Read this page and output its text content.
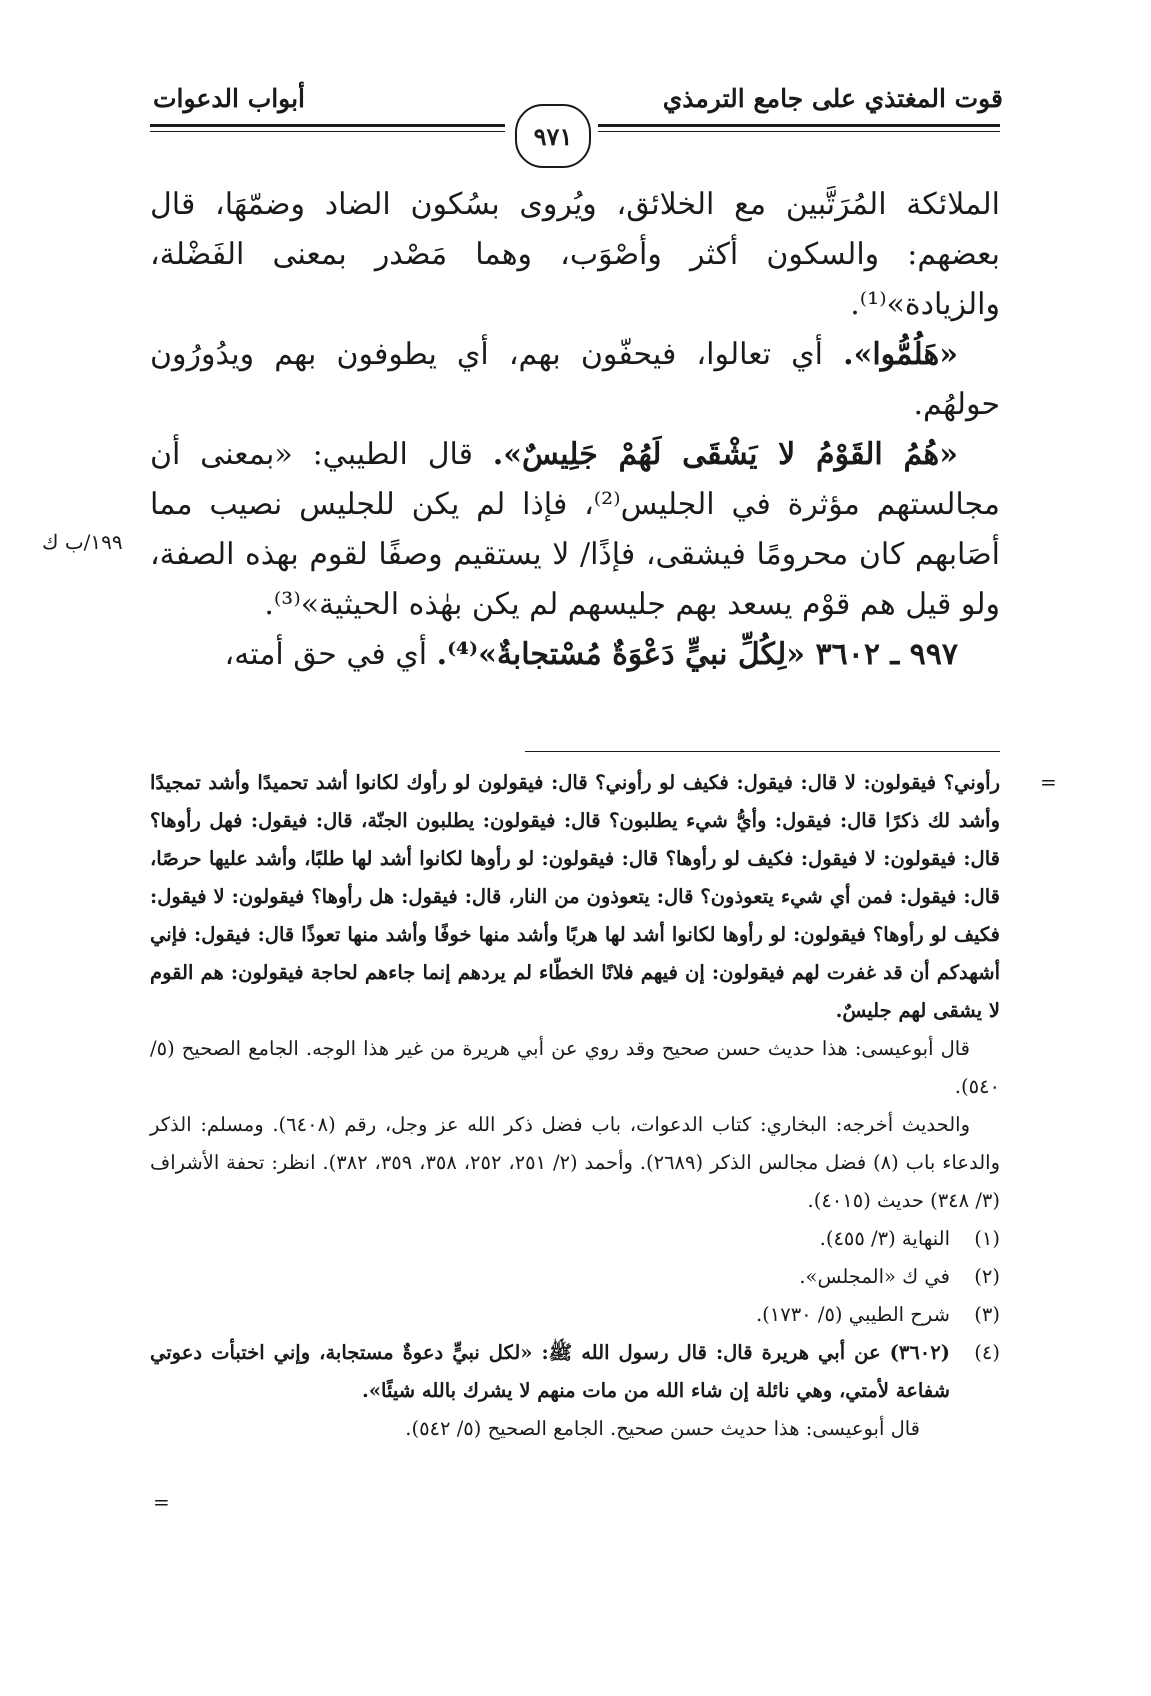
قوت المغتذي على جامع الترمذي
أبواب الدعوات
٩٧١

الملائكة المُرَتَّبين مع الخلائق، ويُروى بسُكون الضاد وضمّهَا، قال بعضهم: والسكون أكثر وأصْوَب، وهما مَصْدر بمعنى الفَضْلة، والزيادة»⁽¹⁾.

«هَلُمُّوا». أي تعالوا، فيحفّون بهم، أي يطوفون بهم ويدُورُون حولهُم.

«هُمُ القَوْمُ لا يَشْقَى لَهُمْ جَلِيسٌ». قال الطيبي: «بمعنى أن مجالستهم مؤثرة في الجليس⁽²⁾، فإذا لم يكن للجليس نصيب مما أصَابهم كان محرومًا فيشقى، فإذًا/ لا يستقيم وصفًا لقوم بهذه الصفة، ولو قيل هم قوْم يسعد بهم جليسهم لم يكن بهٰذه الحيثية»⁽³⁾.

٩٩٧ ـ ٣٦٠٢ «لِكُلِّ نبيٍّ دَعْوَةٌ مُسْتجابةٌ»⁽⁴⁾. أي في حق أمته،

١٩٩/ب ك
=

رأوني؟ فيقولون: لا قال: فيقول: فكيف لو رأوني؟ قال: فيقولون لو رأوك لكانوا أشد تحميدًا وأشد تمجيدًا وأشد لك ذكرًا قال: فيقول: وأيُّ شيء يطلبون؟ قال: فيقولون: يطلبون الجنّة، قال: فيقول: فهل رأوها؟ قال: فيقولون: لا فيقول: فكيف لو رأوها؟ قال: فيقولون: لو رأوها لكانوا أشد لها طلبًا، وأشد عليها حرصًا، قال: فيقول: فمن أي شيء يتعوذون؟ قال: يتعوذون من النار، قال: فيقول: هل رأوها؟ فيقولون: لا فيقول: فكيف لو رأوها؟ فيقولون: لو رأوها لكانوا أشد لها هربًا وأشد منها خوفًا وأشد منها تعوذًا قال: فيقول: فإني أشهدكم أن قد غفرت لهم فيقولون: إن فيهم فلانًا الخطّاء لم يردهم إنما جاءهم لحاجة فيقولون: هم القوم لا يشقى لهم جليسٌ.

قال أبوعيسى: هذا حديث حسن صحيح وقد روي عن أبي هريرة من غير هذا الوجه. الجامع الصحيح (٥/ ٥٤٠).

والحديث أخرجه: البخاري: كتاب الدعوات، باب فضل ذكر الله عز وجل، رقم (٦٤٠٨). ومسلم: الذكر والدعاء باب (٨) فضل مجالس الذكر (٢٦٨٩). وأحمد (٢/ ٢٥١، ٢٥٢، ٣٥٨، ٣٥٩، ٣٨٢). انظر: تحفة الأشراف (٣/ ٣٤٨) حديث (٤٠١٥).

(١)
النهاية (٣/ ٤٥٥).
(٢)
في ك «المجلس».
(٣)
شرح الطيبي (٥/ ١٧٣٠).
(٤)
(٣٦٠٢) عن أبي هريرة قال: قال رسول الله ﷺ: «لكل نبيٍّ دعوةٌ مستجابة، وإني اختبأت دعوتي شفاعة لأمتي، وهي نائلة إن شاء الله من مات منهم لا يشرك بالله شيئًا».

قال أبوعيسى: هذا حديث حسن صحيح. الجامع الصحيح (٥/ ٥٤٢).

=
